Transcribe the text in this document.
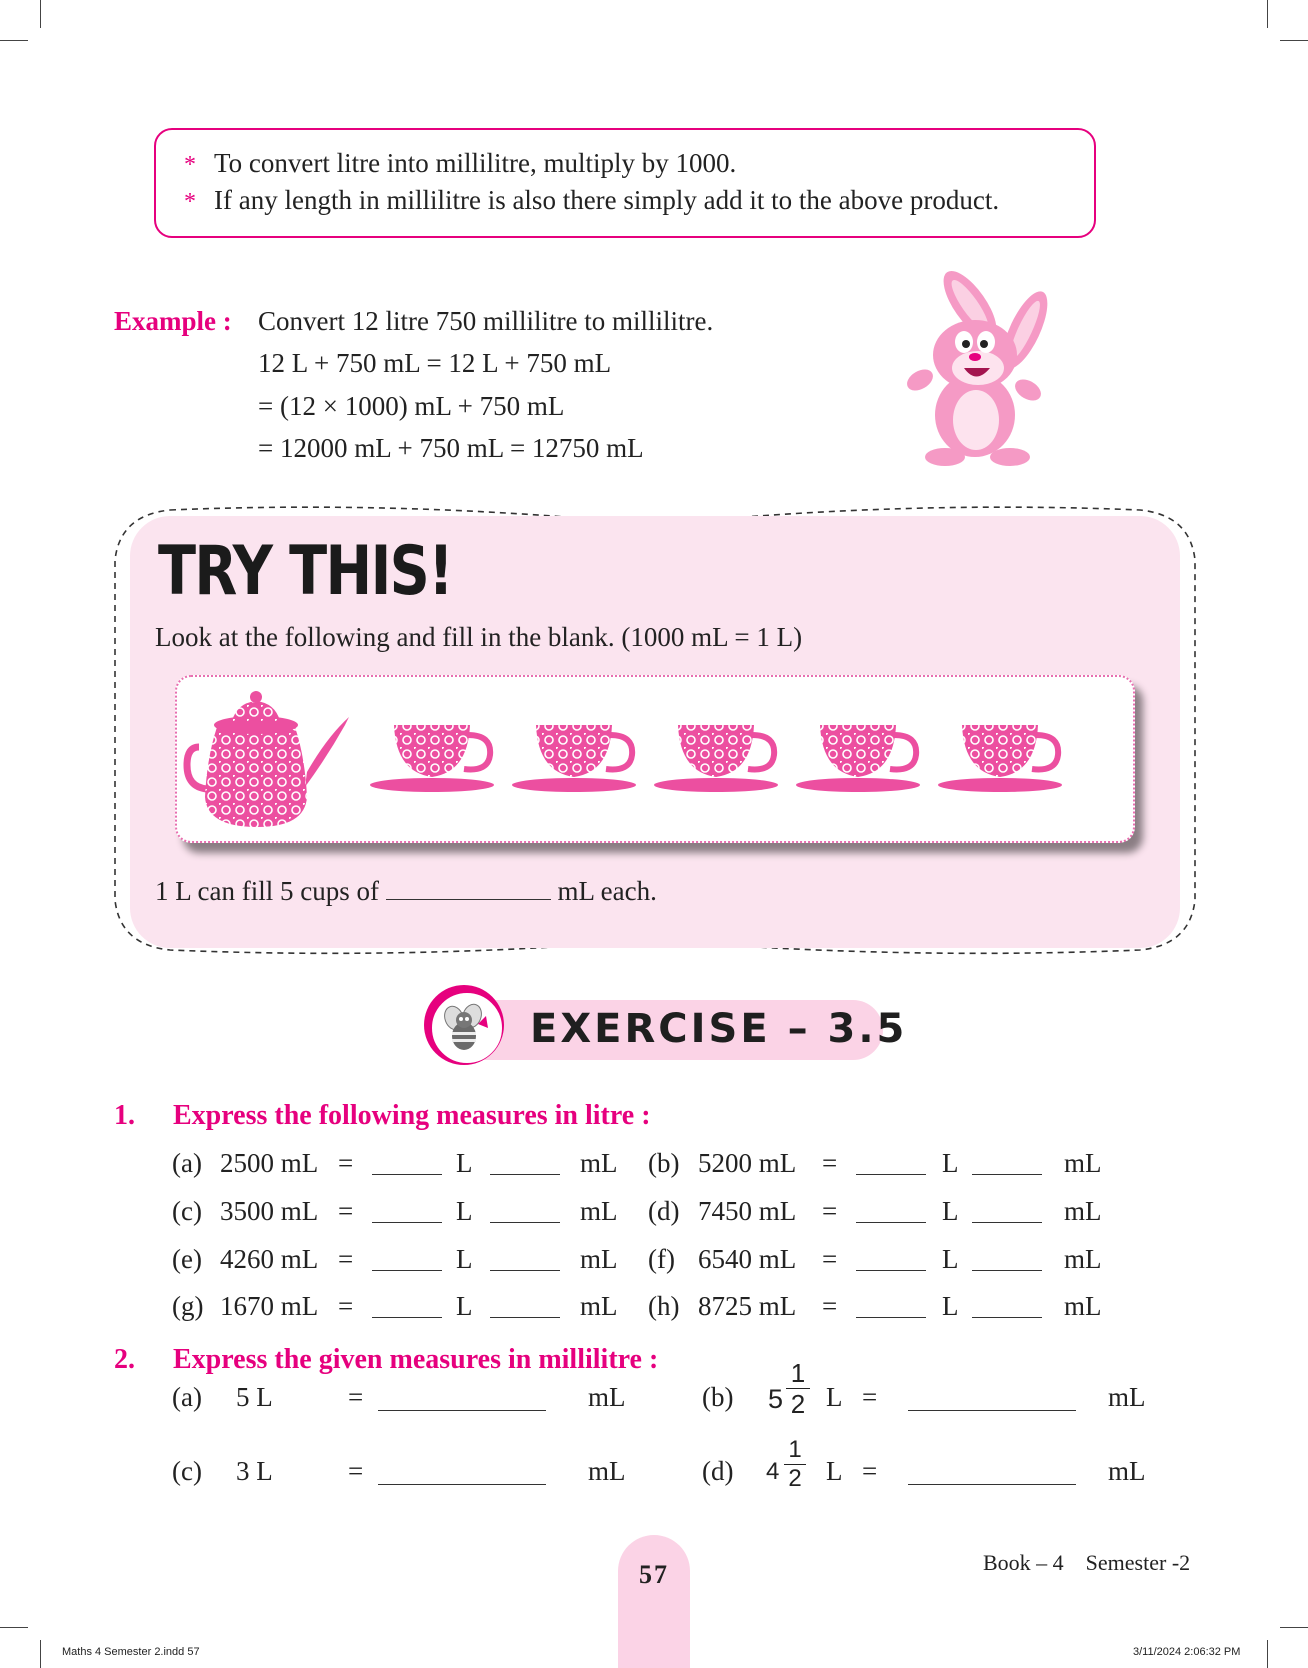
* To convert litre into millilitre, multiply by 1000.
* If any length in millilitre is also there simply add it to the above product.
Example : Convert 12 litre 750 millilitre to millilitre.
12 L + 750 mL = 12 L + 750 mL
= (12 × 1000) mL + 750 mL
= 12000 mL + 750 mL = 12750 mL
TRY THIS!
Look at the following and fill in the blank. (1000 mL = 1 L)
1 L can fill 5 cups of	mL each.
EXERCISE – 3.5
1. Express the following measures in litre :
(a) 2500 mL =	L	mL (b) 5200 mL =	L	mL
(c) 3500 mL =	L	mL (d) 7450 mL =	L	mL
(e) 4260 mL =	L	mL (f) 6540 mL =	L	mL
(g) 1670 mL =	L	mL (h) 8725 mL =	L	mL
2. Express the given measures in millilitre :
(a) 5 L	=	mL	(b) $5 \frac{1}{2}$ L =	mL
(c) 3 L	=	mL	(d) $4 \frac{1}{2}$ L =	mL
57	Book – 4    Semester -2
Maths 4 Semester 2.indd 57	3/11/2024 2:06:32 PM
